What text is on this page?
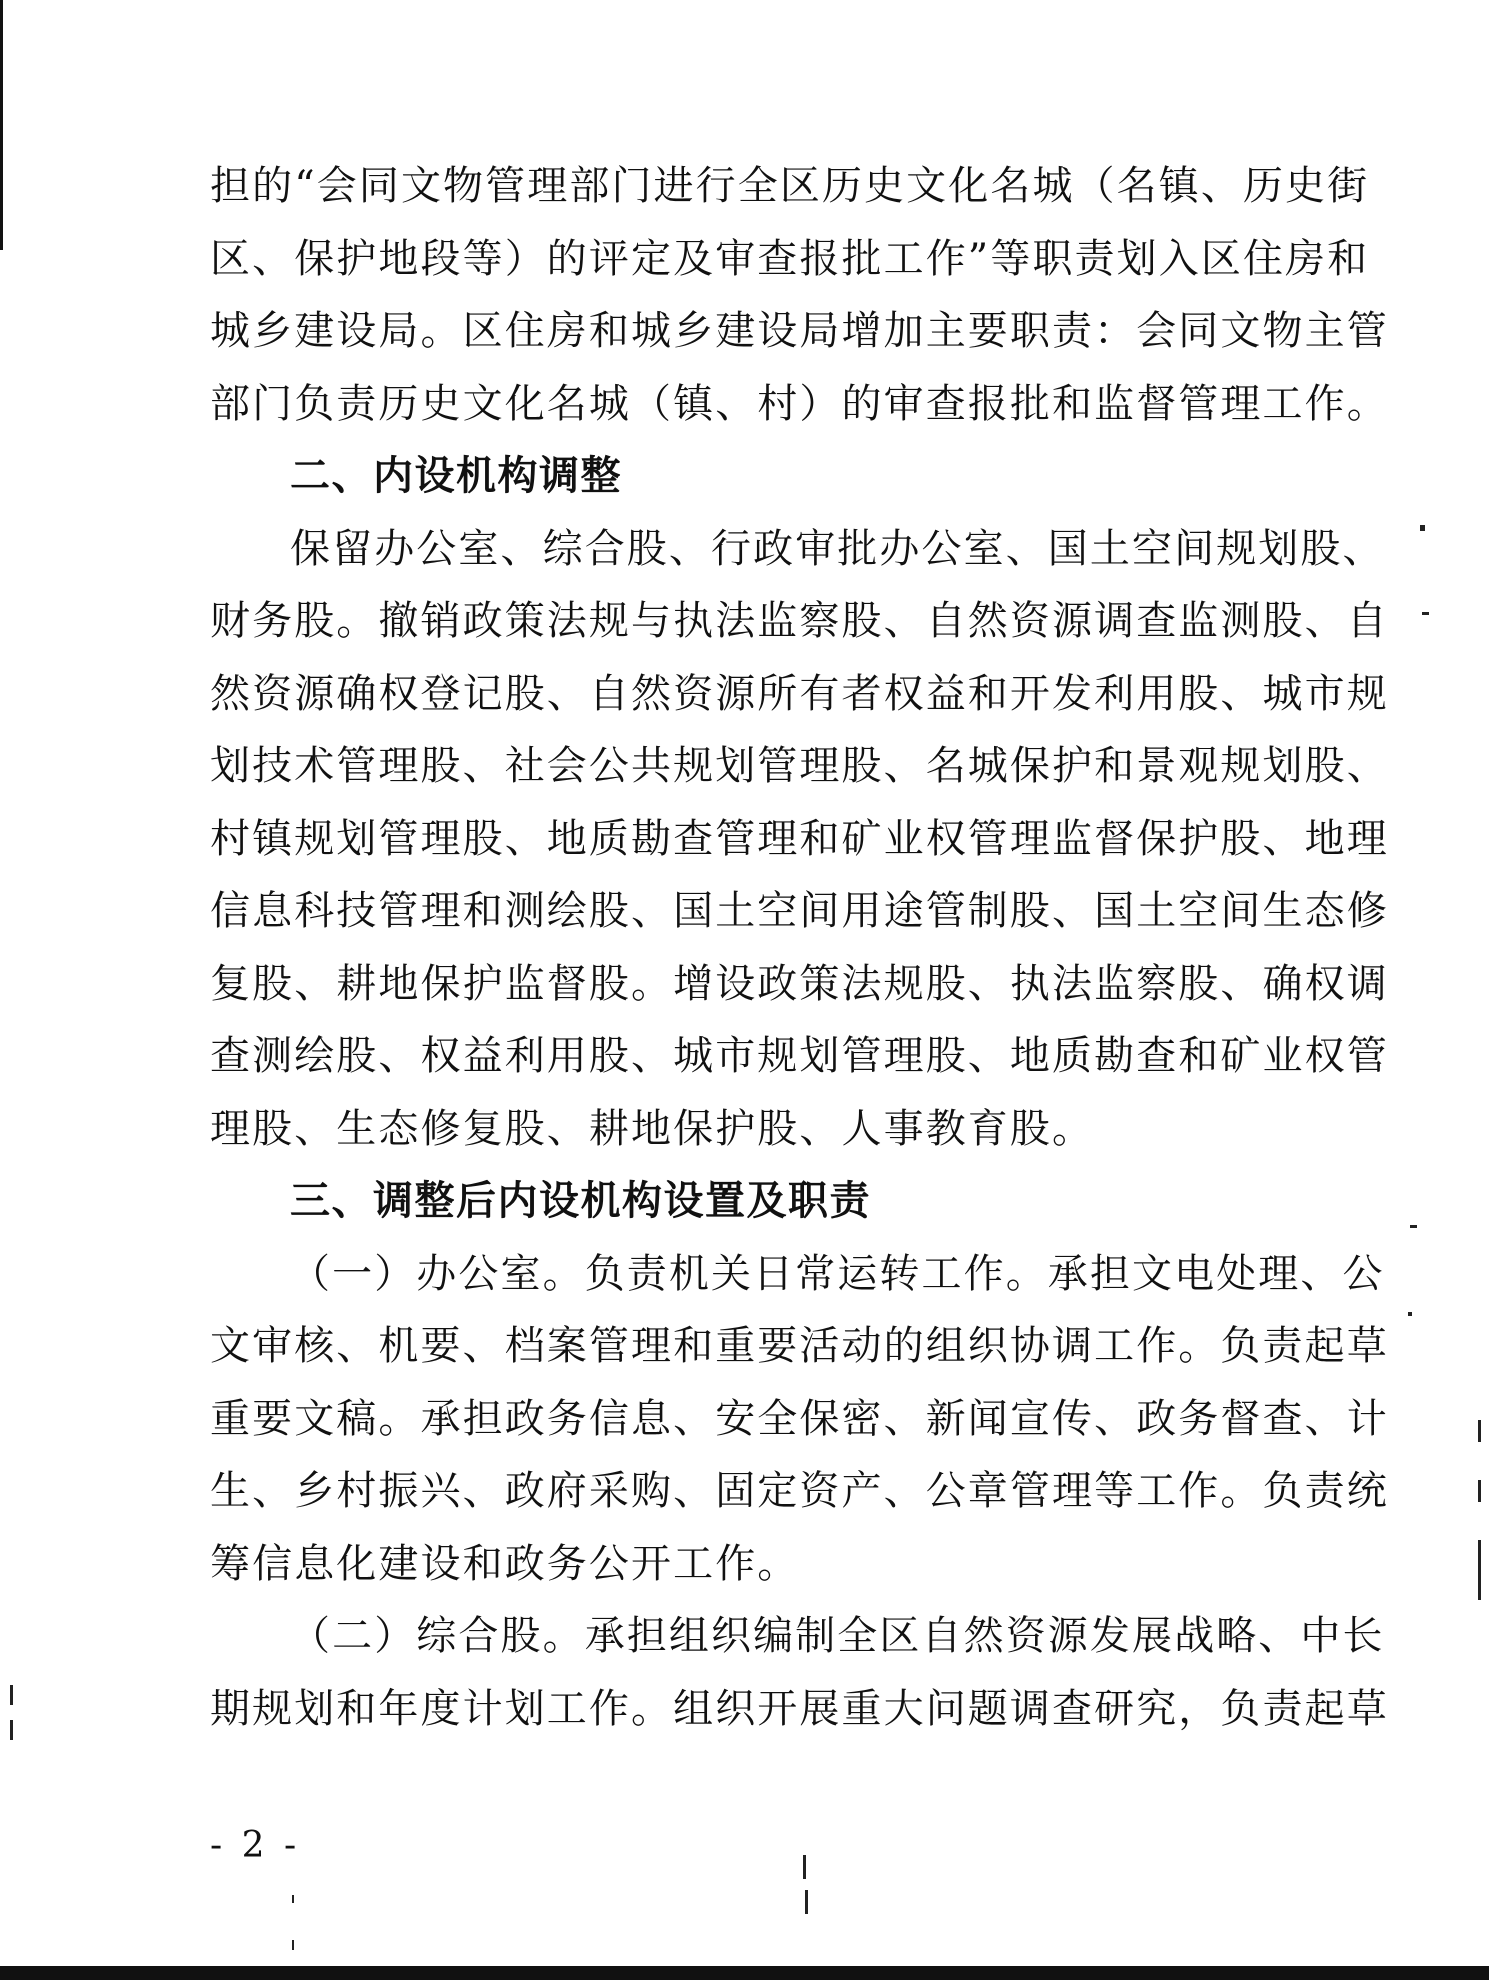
担的“会同文物管理部门进行全区历史文化名城（名镇、历史街
区、保护地段等）的评定及审查报批工作”等职责划入区住房和
城乡建设局。区住房和城乡建设局增加主要职责：会同文物主管
部门负责历史文化名城（镇、村）的审查报批和监督管理工作。
二、内设机构调整
保留办公室、综合股、行政审批办公室、国土空间规划股、
财务股。撤销政策法规与执法监察股、自然资源调查监测股、自
然资源确权登记股、自然资源所有者权益和开发利用股、城市规
划技术管理股、社会公共规划管理股、名城保护和景观规划股、
村镇规划管理股、地质勘查管理和矿业权管理监督保护股、地理
信息科技管理和测绘股、国土空间用途管制股、国土空间生态修
复股、耕地保护监督股。增设政策法规股、执法监察股、确权调
查测绘股、权益利用股、城市规划管理股、地质勘查和矿业权管
理股、生态修复股、耕地保护股、人事教育股。
三、调整后内设机构设置及职责
（一）办公室。负责机关日常运转工作。承担文电处理、公
文审核、机要、档案管理和重要活动的组织协调工作。负责起草
重要文稿。承担政务信息、安全保密、新闻宣传、政务督查、计
生、乡村振兴、政府采购、固定资产、公章管理等工作。负责统
筹信息化建设和政务公开工作。
（二）综合股。承担组织编制全区自然资源发展战略、中长
期规划和年度计划工作。组织开展重大问题调查研究，负责起草
- 2 -
